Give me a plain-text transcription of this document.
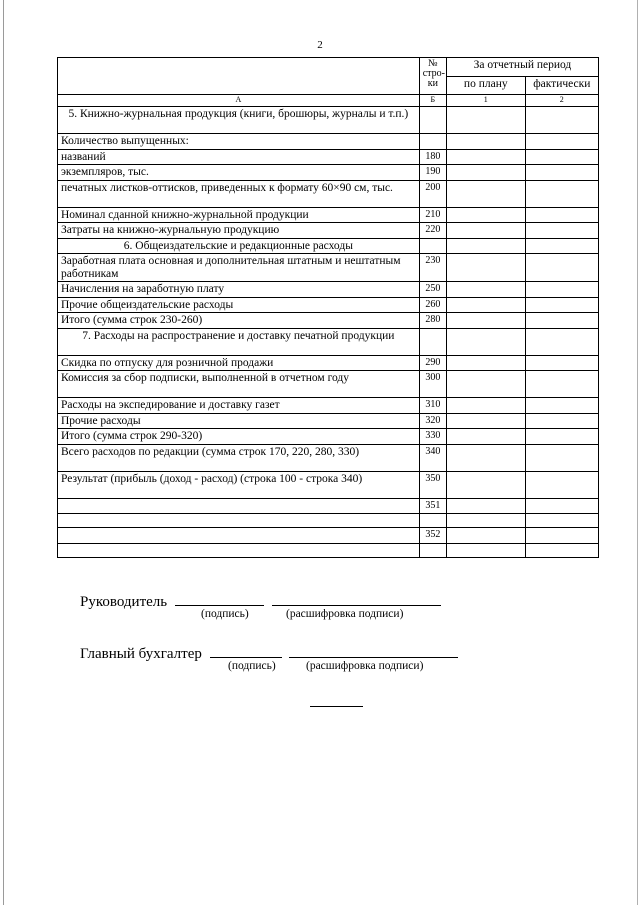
2
	№ стро- ки	За отчетный период	
		по плану	фактически
А	Б	1	2
5. Книжно-журнальная продукция (книги, брошюры, журналы и т.п.)			
Количество выпущенных:			
названий	180		
экземпляров, тыс.	190		
печатных листков-оттисков, приведенных к формату 60×90 см, тыс.	200		
Номинал сданной книжно-журнальной продукции	210		
Затраты на книжно-журнальную продукцию	220		
6. Общеиздательские и редакционные расходы			
Заработная плата основная и дополнительная штатным и нештатным работникам	230		
Начисления на заработную плату	250		
Прочие общеиздательские расходы	260		
Итого (сумма строк 230-260)	280		
7. Расходы на распространение и доставку печатной продукции			
Скидка по отпуску для розничной продажи	290		
Комиссия за сбор подписки, выполненной в отчетном году	300		
Расходы на экспедирование и доставку газет	310		
Прочие расходы	320		
Итого (сумма строк 290-320)	330		
Всего расходов по редакции (сумма строк 170, 220, 280, 330)	340		
Результат (прибыль (доход - расход) (строка 100 - строка 340)	350		
	351		

	352		

Руководитель
(подпись)	(расшифровка подписи)
Главный бухгалтер
(подпись)	(расшифровка подписи)
